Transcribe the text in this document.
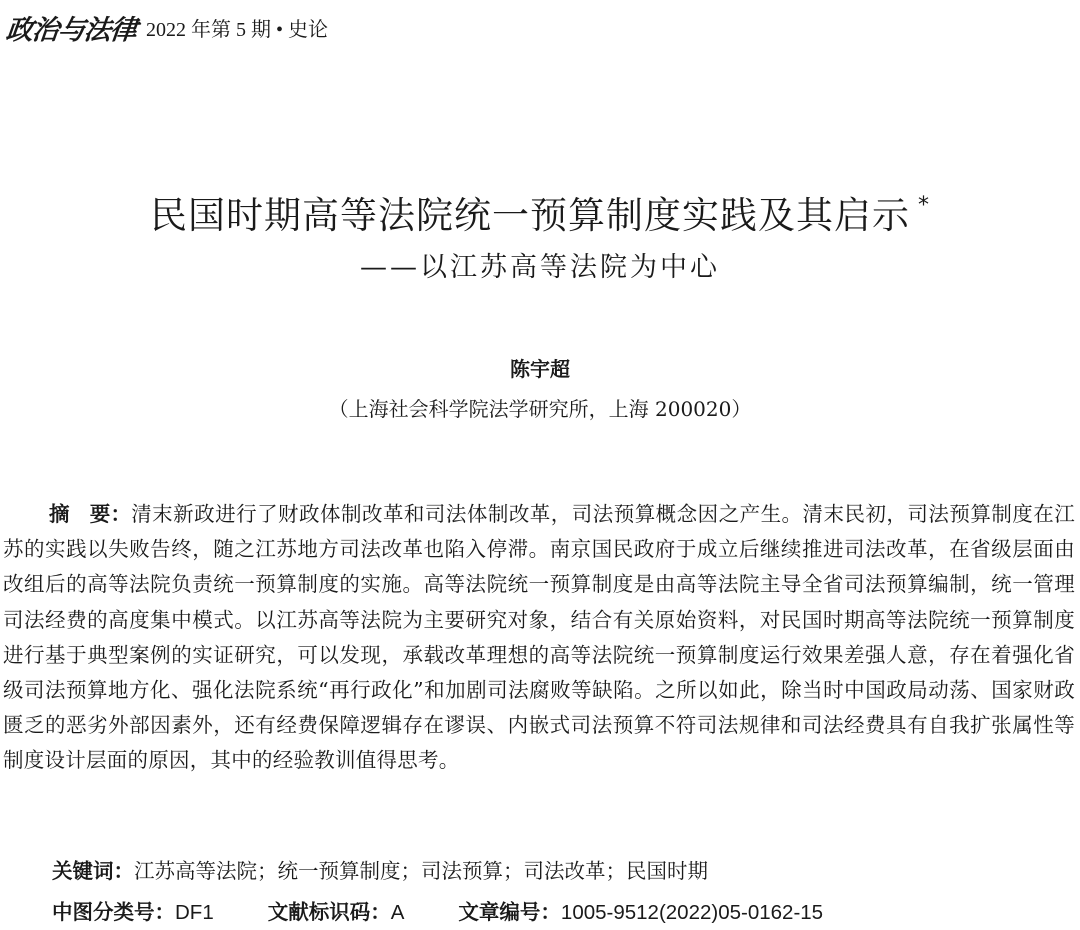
政治与法律 2022 年第 5 期 • 史论
民国时期高等法院统一预算制度实践及其启示 *
——以江苏高等法院为中心
陈宇超
（上海社会科学院法学研究所，上海 200020）
摘要：清末新政进行了财政体制改革和司法体制改革，司法预算概念因之产生。清末民初，司法预算制度在江苏的实践以失败告终，随之江苏地方司法改革也陷入停滞。南京国民政府于成立后继续推进司法改革，在省级层面由改组后的高等法院负责统一预算制度的实施。高等法院统一预算制度是由高等法院主导全省司法预算编制，统一管理司法经费的高度集中模式。以江苏高等法院为主要研究对象，结合有关原始资料，对民国时期高等法院统一预算制度进行基于典型案例的实证研究，可以发现，承载改革理想的高等法院统一预算制度运行效果差强人意，存在着强化省级司法预算地方化、强化法院系统“再行政化”和加剧司法腐败等缺陷。之所以如此，除当时中国政局动荡、国家财政匮乏的恶劣外部因素外，还有经费保障逻辑存在谬误、内嵌式司法预算不符司法规律和司法经费具有自我扩张属性等制度设计层面的原因，其中的经验教训值得思考。
关键词：江苏高等法院；统一预算制度；司法预算；司法改革；民国时期
中图分类号：DF1	文献标识码：A	文章编号：1005-9512(2022)05-0162-15
